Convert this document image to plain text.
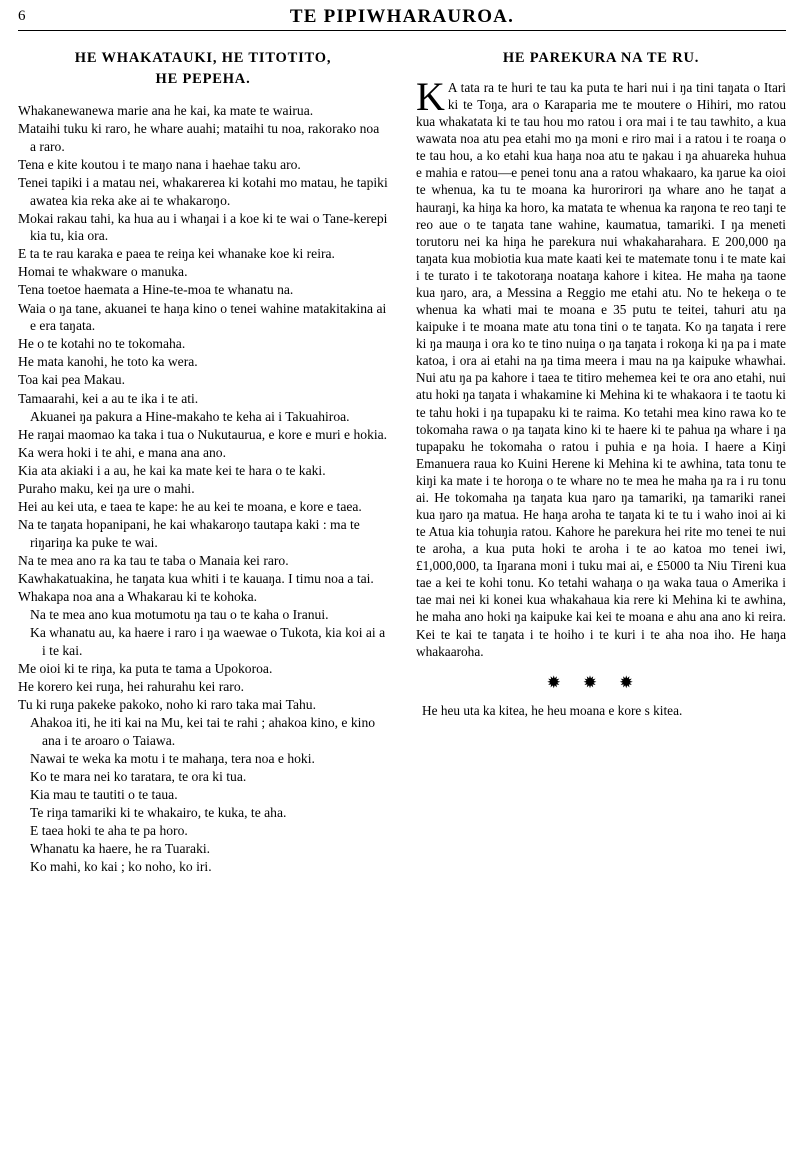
6	TE PIPIWHARAUROA.
HE WHAKATAUKI, HE TITOTITO,
HE PEPEHA.

Whakanewanewa marie ana he kai, ka mate te wairua.

Mataihi tuku ki raro, he whare auahi; mataihi tu noa, rakorako noa a raro.

Tena e kite koutou i te maŋo nana i haehae taku aro.

Tenei tapiki i a matau nei, whakarerea ki kotahi mo matau, he tapiki awatea kia reka ake ai te whakaroŋo.

Mokai rakau tahi, ka hua au i whaŋai i a koe ki te wai o Tane-kerepi kia tu, kia ora.

E ta te rau karaka e paea te reiŋa kei whanake koe ki reira.

Homai te whakware o manuka.

Tena toetoe haemata a Hine-te-moa te whanatu na.

Waia o ŋa tane, akuanei te haŋa kino o tenei wahine matakitakina ai e era taŋata.

He o te kotahi no te tokomaha.

He mata kanohi, he toto ka wera.

Toa kai pea Makau.

Tamaarahi, kei a au te ika i te ati.

Akuanei ŋa pakura a Hine-makaho te keha ai i Takuahiroa.

He raŋai maomao ka taka i tua o Nukutaurua, e kore e muri e hokia.

Ka wera hoki i te ahi, e mana ana ano.

Kia ata akiaki i a au, he kai ka mate kei te hara o te kaki.

Puraho maku, kei ŋa ure o mahi.

Hei au kei uta, e taea te kape: he au kei te moana, e kore e taea.

Na te taŋata hopanipani, he kai whakaroŋo tautapa kaki : ma te riŋariŋa ka puke te wai.

Na te mea ano ra ka tau te taba o Manaia kei raro.

Kawhakatuakina, he taŋata kua whiti i te kauaŋa. I timu noa a tai.

Whakapa noa ana a Whakarau ki te kohoka.

Na te mea ano kua motumotu ŋa tau o te kaha o Iranui.

Ka whanatu au, ka haere i raro i ŋa waewae o Tukota, kia koi ai a i te kai.

Me oioi ki te riŋa, ka puta te tama a Upokoroa.

He korero kei ruŋa, hei rahurahu kei raro.

Tu ki ruŋa pakeke pakoko, noho ki raro taka mai Tahu.

Ahakoa iti, he iti kai na Mu, kei tai te rahi ; ahakoa kino, e kino ana i te aroaro o Taiawa.

Nawai te weka ka motu i te mahaŋa, tera noa e hoki.

Ko te mara nei ko taratara, te ora ki tua.

Kia mau te tautiti o te taua.

Te riŋa tamariki ki te whakairo, te kuka, te aha.

E taea hoki te aha te pa horo.

Whanatu ka haere, he ra Tuaraki.

Ko mahi, ko kai ; ko noho, ko iri.

HE PAREKURA NA TE RU.

K A tata ra te huri te tau ka puta te hari nui i ŋa tini taŋata o Itari ki te Toŋa, ara o Karaparia me te moutere o Hihiri, mo ratou kua whakatata ki te tau hou mo ratou i ora mai i te tau tawhito, a kua wawata noa atu pea etahi mo ŋa moni e riro mai i a ratou i te roaŋa o te tau hou, a ko etahi kua haŋa noa atu te ŋakau i ŋa ahuareka huhua e mahia e ratou—e penei tonu ana a ratou whakaaro, ka ŋarue ka oioi te whenua, ka tu te moana ka hurorirori ŋa whare ano he taŋat a hauraŋi, ka hiŋa ka horo, ka matata te whenua ka raŋona te reo taŋi te reo aue o te taŋata tane wahine, kaumatua, tamariki. I ŋa meneti torutoru nei ka hiŋa he parekura nui whakaharahara. E 200,000 ŋa taŋata kua mobiotia kua mate kaati kei te matemate tonu i te mate kai i te turato i te takotoraŋa noataŋa kahore i kitea. He maha ŋa taone kua ŋaro, ara, a Messina a Reggio me etahi atu. No te hekeŋa o te whenua ka whati mai te moana e 35 putu te teitei, tahuri atu ŋa kaipuke i te moana mate atu tona tini o te taŋata. Ko ŋa taŋata i rere ki ŋa mauŋa i ora ko te tino nuiŋa o ŋa taŋata i rokoŋa ki ŋa pa i mate katoa, i ora ai etahi na ŋa tima meera i mau na ŋa kaipuke whawhai. Nui atu ŋa pa kahore i taea te titiro mehemea kei te ora ano etahi, nui atu hoki ŋa taŋata i whakamine ki Mehina ki te whakaora i te taotu ki te tahu hoki i ŋa tupapaku ki te raima. Ko tetahi mea kino rawa ko te tokomaha rawa o ŋa taŋata kino ki te haere ki te pahua ŋa whare i ŋa tupapaku he tokomaha o ratou i puhia e ŋa hoia. I haere a Kiŋi Emanuera raua ko Kuini Herene ki Mehina ki te awhina, tata tonu te kiŋi ka mate i te horoŋa o te whare no te mea he maha ŋa ra i ru tonu ai. He tokomaha ŋa taŋata kua ŋaro ŋa tamariki, ŋa tamariki ranei kua ŋaro ŋa matua. He haŋa aroha te taŋata ki te tu i waho inoi ai ki te Atua kia tohuŋia ratou. Kahore he parekura hei rite mo tenei te nui te aroha, a kua puta hoki te aroha i te ao katoa mo tenei iwi, £1,000,000, ta Iŋarana moni i tuku mai ai, e £5000 ta Niu Tireni kua tae a kei te kohi tonu. Ko tetahi wahaŋa o ŋa waka taua o Amerika i tae mai nei ki konei kua whakahaua kia rere ki Mehina ki te awhina, he maha ano hoki ŋa kaipuke kai kei te moana e ahu ana ano ki reira. Kei te kai te taŋata i te hoiho i te kuri i te aha noa iho. He haŋa whakaaroha.

✹✹✹
He heu uta ka kitea, he heu moana e kore s kitea.
